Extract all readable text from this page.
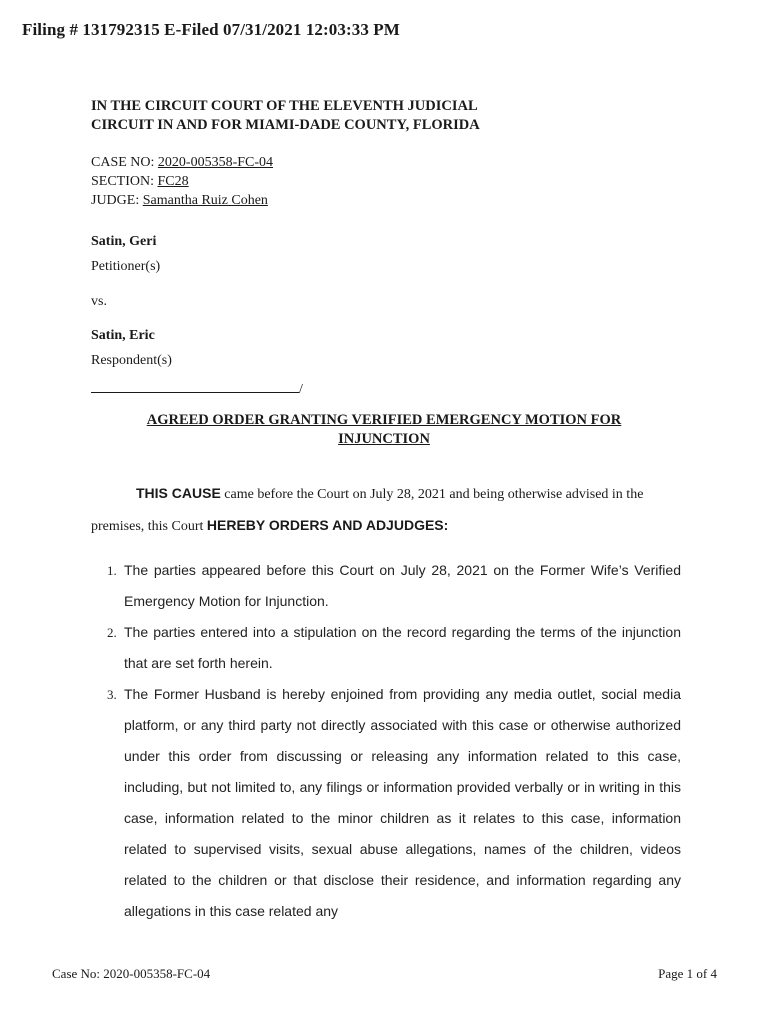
Filing # 131792315 E-Filed 07/31/2021 12:03:33 PM
IN THE CIRCUIT COURT OF THE ELEVENTH JUDICIAL
CIRCUIT IN AND FOR MIAMI-DADE COUNTY, FLORIDA
CASE NO: 2020-005358-FC-04
SECTION: FC28
JUDGE: Samantha Ruiz Cohen
Satin, Geri
Petitioner(s)
vs.
Satin, Eric
Respondent(s)
/
AGREED ORDER GRANTING VERIFIED EMERGENCY MOTION FOR
INJUNCTION
THIS CAUSE came before the Court on July 28, 2021 and being otherwise advised in the premises, this Court HEREBY ORDERS AND ADJUDGES:
1. The parties appeared before this Court on July 28, 2021 on the Former Wife’s Verified Emergency Motion for Injunction.
2. The parties entered into a stipulation on the record regarding the terms of the injunction that are set forth herein.
3. The Former Husband is hereby enjoined from providing any media outlet, social media platform, or any third party not directly associated with this case or otherwise authorized under this order from discussing or releasing any information related to this case, including, but not limited to, any filings or information provided verbally or in writing in this case, information related to the minor children as it relates to this case, information related to supervised visits, sexual abuse allegations, names of the children, videos related to the children or that disclose their residence, and information regarding any allegations in this case related any
Case No: 2020-005358-FC-04	Page 1 of 4
